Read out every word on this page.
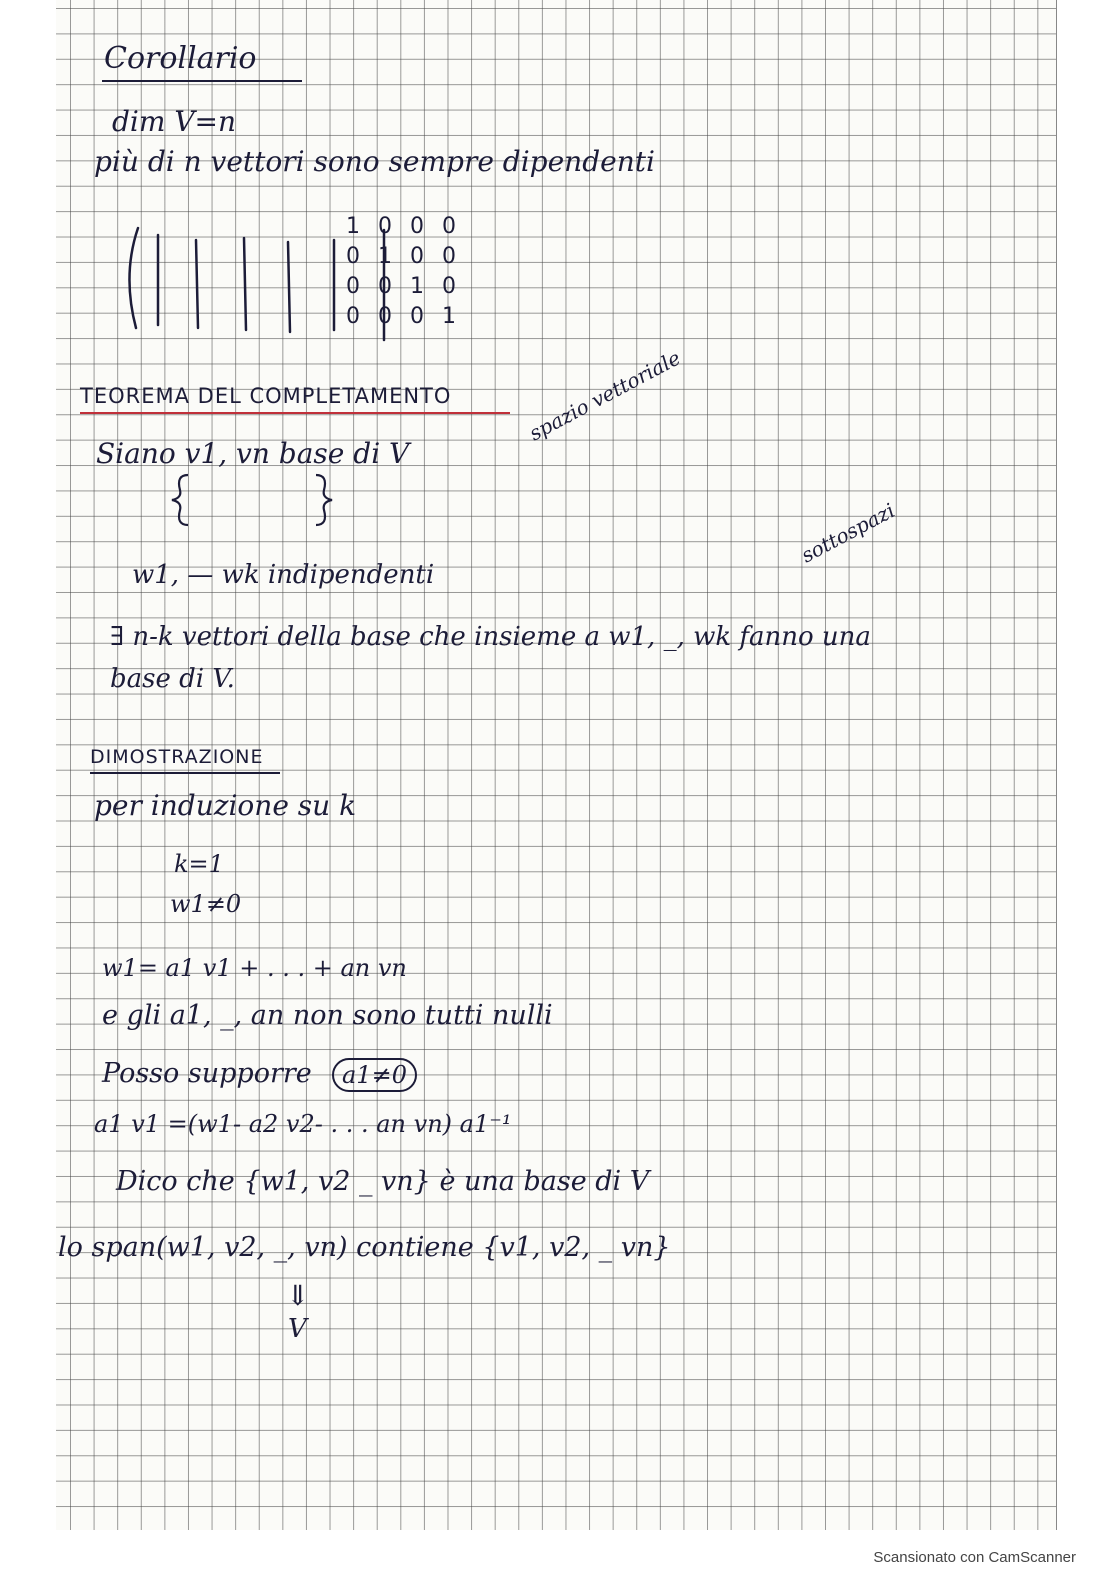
Corollario
dim V=n
più di n vettori sono sempre dipendenti
1 0 0 0
0 1 0 0
0 0 1 0
0 0 0 1
TEOREMA DEL COMPLETAMENTO
Siano v1, vn base di V
spazio vettoriale
w1, — wk indipendenti
sottospazi
∃ n-k vettori della base che insieme a w1, _, wk fanno una
base di V.
DIMOSTRAZIONE
per induzione su k
k=1
w1≠0
w1= a1 v1 + . . . + an vn
e gli a1, _, an non sono tutti nulli
Posso supporre	a1≠0
a1 v1 =(w1- a2 v2- . . . an vn) a1⁻¹
Dico che {w1, v2 _ vn} è una base di V
lo span(w1, v2, _, vn) contiene {v1, v2, _ vn}
⇓
V
Scansionato con CamScanner
